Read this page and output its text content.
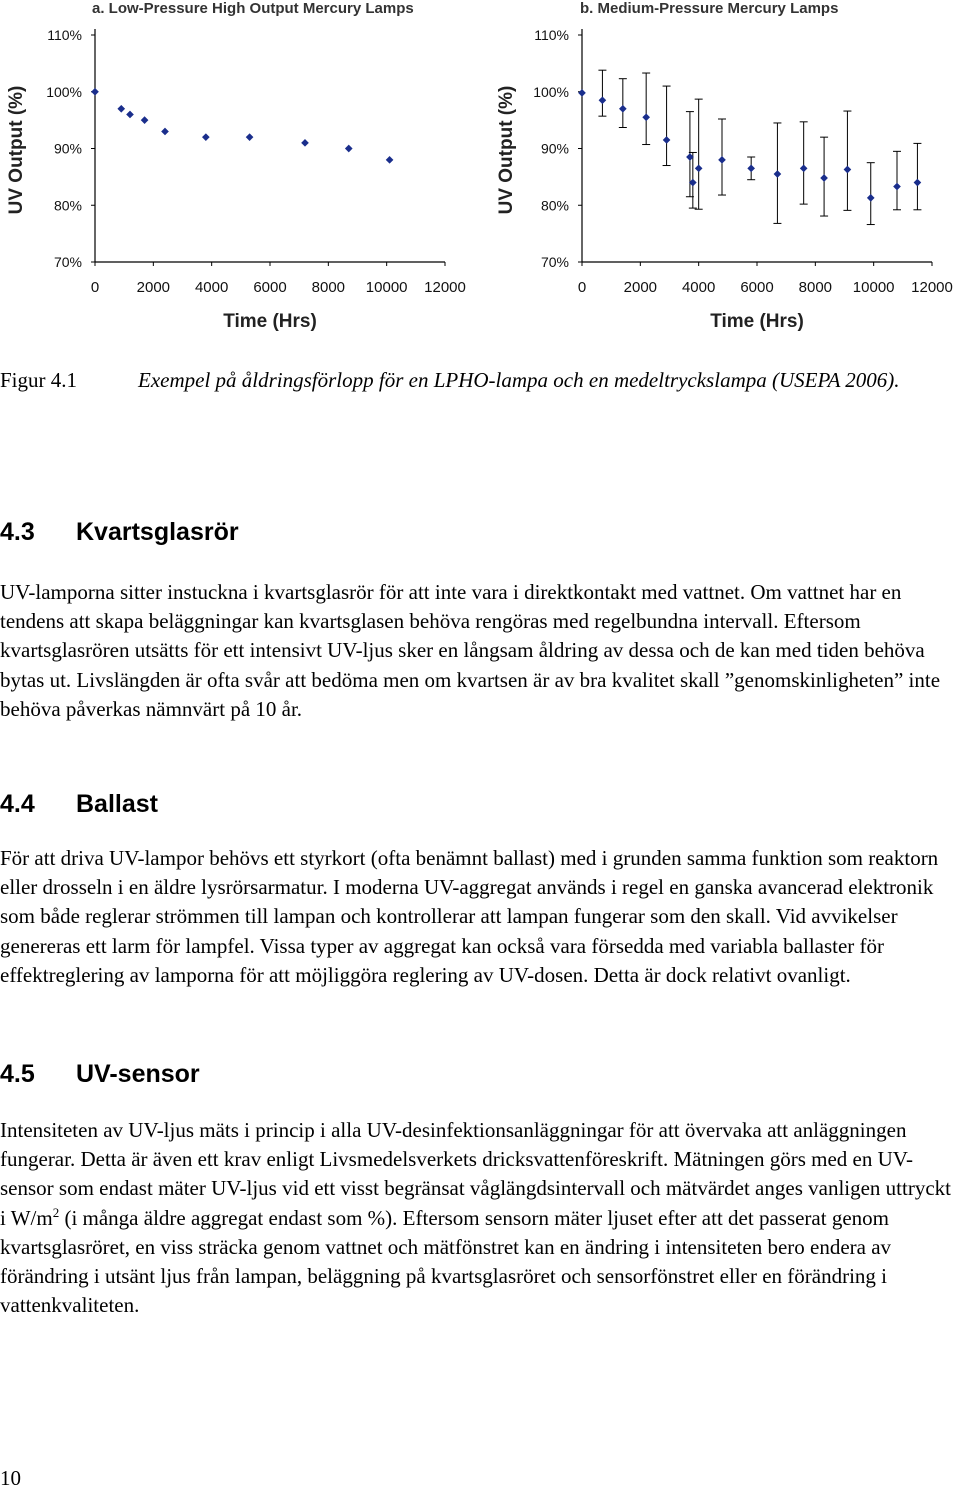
a. Low-Pressure High Output Mercury Lamps
70%
80%
90%
100%
110%
0 2000 4000 6000 8000 10000 12000
Time (Hrs)
UV Output (%)
b. Medium-Pressure Mercury Lamps
70%
80%
90%
100%
110%
0 2000 4000 6000 8000 10000 12000
Time (Hrs)
UV Output (%)
Figur 4.1	Exempel på åldringsförlopp för en LPHO-lampa och en medeltryckslampa (USEPA 2006).
4.3 Kvartsglasrör

UV-lamporna sitter instuckna i kvartsglasrör för att inte vara i direktkontakt med vattnet. Om vattnet har en tendens att skapa beläggningar kan kvartsglasen behöva rengöras med regelbundna intervall. Eftersom kvartsglasrören utsätts för ett intensivt UV-ljus sker en långsam åldring av dessa och de kan med tiden behöva bytas ut. Livslängden är ofta svår att bedöma men om kvartsen är av bra kvalitet skall ”genomskinligheten” inte behöva påverkas nämnvärt på 10 år.

4.4 Ballast

För att driva UV-lampor behövs ett styrkort (ofta benämnt ballast) med i grunden samma funktion som reaktorn eller drosseln i en äldre lysrörsarmatur. I moderna UV-aggregat används i regel en ganska avancerad elektronik som både reglerar strömmen till lampan och kontrollerar att lampan fungerar som den skall. Vid avvikelser genereras ett larm för lampfel. Vissa typer av aggregat kan också vara försedda med variabla ballaster för effektreglering av lamporna för att möjliggöra reglering av UV-dosen. Detta är dock relativt ovanligt.

4.5 UV-sensor

Intensiteten av UV-ljus mäts i princip i alla UV-desinfektionsanläggningar för att övervaka att anläggningen fungerar. Detta är även ett krav enligt Livsmedelsverkets dricksvattenföreskrift. Mätningen görs med en UV-sensor som endast mäter UV-ljus vid ett visst begränsat våglängdsintervall och mätvärdet anges vanligen uttryckt i $W/m^2$ (i många äldre aggregat endast som %). Eftersom sensorn mäter ljuset efter att det passerat genom kvartsglasröret, en viss sträcka genom vattnet och mätfönstret kan en ändring i intensiteten bero endera av förändring i utsänt ljus från lampan, beläggning på kvartsglasröret och sensorfönstret eller en förändring i vattenkvaliteten.

10
